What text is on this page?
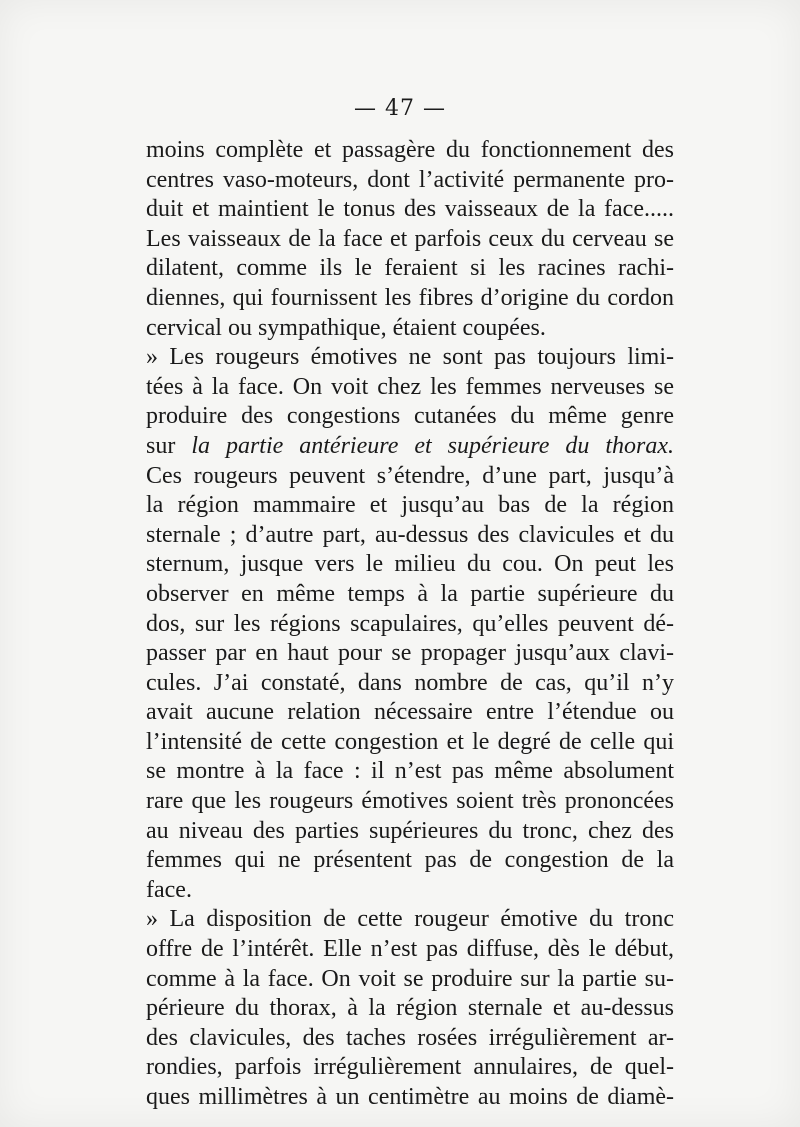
— 47 —
moins complète et passagère du fonctionnement des
centres vaso-moteurs, dont l’activité permanente pro-
duit et maintient le tonus des vaisseaux de la face.....
Les vaisseaux de la face et parfois ceux du cerveau se
dilatent, comme ils le feraient si les racines rachi-
diennes, qui fournissent les fibres d’origine du cordon
cervical ou sympathique, étaient coupées.
» Les rougeurs émotives ne sont pas toujours limi-
tées à la face. On voit chez les femmes nerveuses se
produire des congestions cutanées du même genre
sur la partie antérieure et supérieure du thorax.
Ces rougeurs peuvent s’étendre, d’une part, jusqu’à
la région mammaire et jusqu’au bas de la région
sternale ; d’autre part, au-dessus des clavicules et du
sternum, jusque vers le milieu du cou. On peut les
observer en même temps à la partie supérieure du
dos, sur les régions scapulaires, qu’elles peuvent dé-
passer par en haut pour se propager jusqu’aux clavi-
cules. J’ai constaté, dans nombre de cas, qu’il n’y
avait aucune relation nécessaire entre l’étendue ou
l’intensité de cette congestion et le degré de celle qui
se montre à la face : il n’est pas même absolument
rare que les rougeurs émotives soient très prononcées
au niveau des parties supérieures du tronc, chez des
femmes qui ne présentent pas de congestion de la
face.
» La disposition de cette rougeur émotive du tronc
offre de l’intérêt. Elle n’est pas diffuse, dès le début,
comme à la face. On voit se produire sur la partie su-
périeure du thorax, à la région sternale et au-dessus
des clavicules, des taches rosées irrégulièrement ar-
rondies, parfois irrégulièrement annulaires, de quel-
ques millimètres à un centimètre au moins de diamè-
